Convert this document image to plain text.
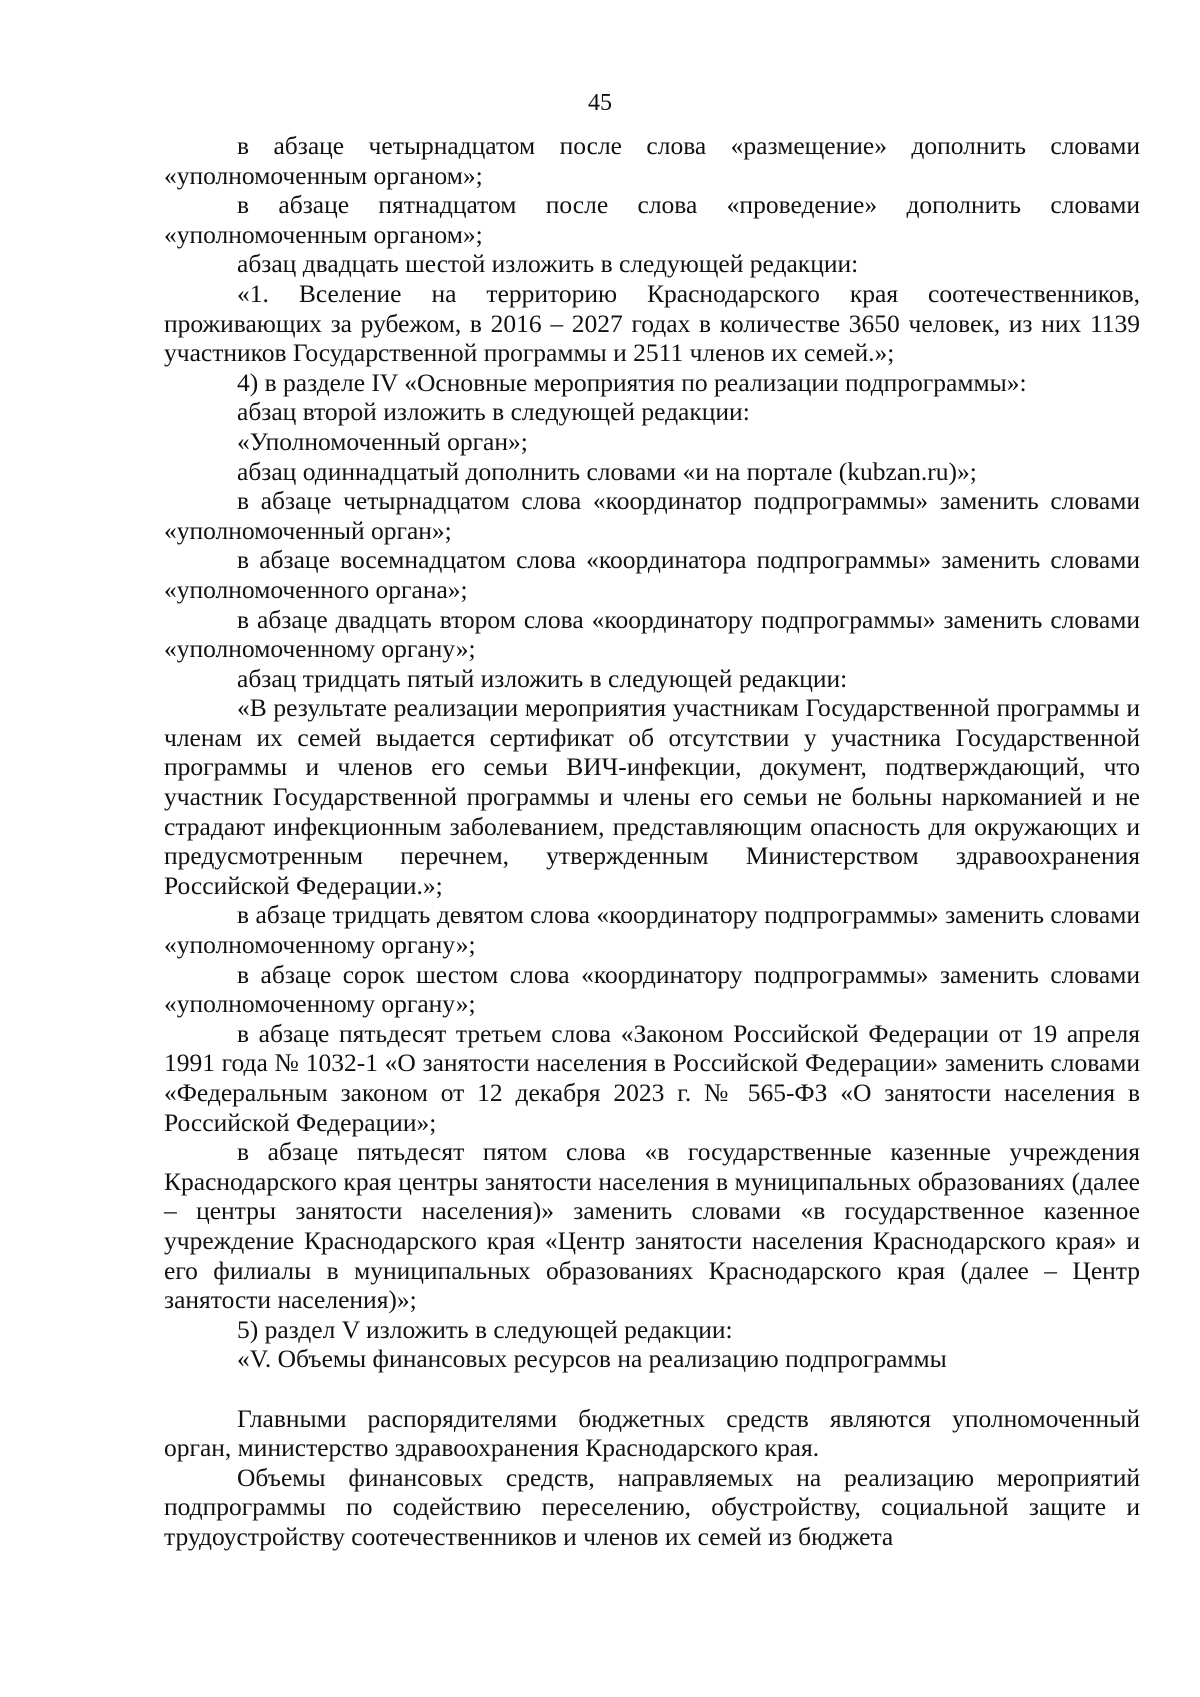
45

в абзаце четырнадцатом после слова «размещение» дополнить словами «уполномоченным органом»;

в абзаце пятнадцатом после слова «проведение» дополнить словами «уполномоченным органом»;

абзац двадцать шестой изложить в следующей редакции:

«1. Вселение на территорию Краснодарского края соотечественников, проживающих за рубежом, в 2016 – 2027 годах в количестве 3650 человек, из них 1139 участников Государственной программы и 2511 членов их семей.»;

4) в разделе IV «Основные мероприятия по реализации подпрограммы»:

абзац второй изложить в следующей редакции:

«Уполномоченный орган»;

абзац одиннадцатый дополнить словами «и на портале (kubzan.ru)»;

в абзаце четырнадцатом слова «координатор подпрограммы» заменить словами «уполномоченный орган»;

в абзаце восемнадцатом слова «координатора подпрограммы» заменить словами «уполномоченного органа»;

в абзаце двадцать втором слова «координатору подпрограммы» заменить словами «уполномоченному органу»;

абзац тридцать пятый изложить в следующей редакции:

«В результате реализации мероприятия участникам Государственной программы и членам их семей выдается сертификат об отсутствии у участника Государственной программы и членов его семьи ВИЧ-инфекции, документ, подтверждающий, что участник Государственной программы и члены его семьи не больны наркоманией и не страдают инфекционным заболеванием, представляющим опасность для окружающих и предусмотренным перечнем, утвержденным Министерством здравоохранения Российской Федерации.»;

в абзаце тридцать девятом слова «координатору подпрограммы» заменить словами «уполномоченному органу»;

в абзаце сорок шестом слова «координатору подпрограммы» заменить словами «уполномоченному органу»;

в абзаце пятьдесят третьем слова «Законом Российской Федерации от 19 апреля 1991 года № 1032-1 «О занятости населения в Российской Федерации» заменить словами «Федеральным законом от 12 декабря 2023 г. № 565-ФЗ «О занятости населения в Российской Федерации»;

в абзаце пятьдесят пятом слова «в государственные казенные учреждения Краснодарского края центры занятости населения в муниципальных образованиях (далее – центры занятости населения)» заменить словами «в государственное казенное учреждение Краснодарского края «Центр занятости населения Краснодарского края» и его филиалы в муниципальных образованиях Краснодарского края (далее – Центр занятости населения)»;

5) раздел V изложить в следующей редакции:

«V. Объемы финансовых ресурсов на реализацию подпрограммы

Главными распорядителями бюджетных средств являются уполномоченный орган, министерство здравоохранения Краснодарского края.

Объемы финансовых средств, направляемых на реализацию мероприятий подпрограммы по содействию переселению, обустройству, социальной защите и трудоустройству соотечественников и членов их семей из бюджета
